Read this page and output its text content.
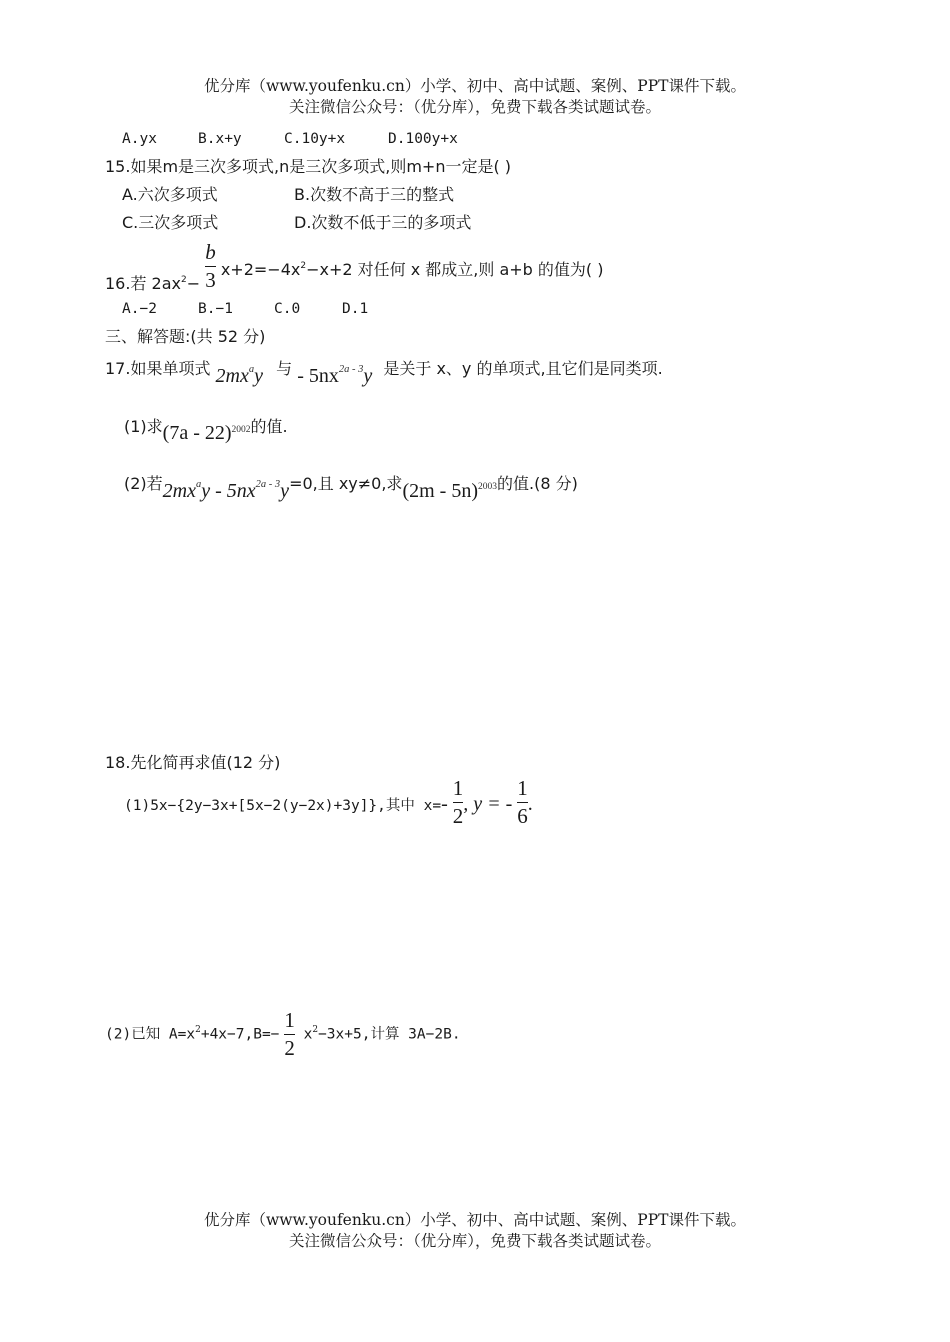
优分库（www.youfenku.cn）小学、初中、高中试题、案例、PPT课件下载。
关注微信公众号：（优分库），免费下载各类试题试卷。
A.yx	B.x+y	C.10y+x	D.100y+x
15.如果m是三次多项式,n是三次多项式,则m+n一定是( )
A.六次多项式	B.次数不高于三的整式
C.三次多项式	D.次数不低于三的多项式
16.若 $2ax_2- \frac{b}{3} x+2=-4x2-x+2$ 对任何 x 都成立,则 a+b 的值为( )
A.−2	B.−1	C.0	D.1
三、解答题:(共 52 分)
17.如果单项式 2mxay 与 - 5nx2a - 3y 是关于 x、y 的单项式,且它们是同类项.
(1)求(7a - 22)2002的值.
(2)若2mxay - 5nx2a - 3y=0,且 xy≠0,求(2m - 5n)2003的值.(8 分)
18.先化简再求值(12 分)
(1)5x−{2y−3x+[5x−2(y−2x)+3y]},其中 $x=- \frac{1}{2}$ , y = - $\frac{1}{6}$ .
(2)已知 $A=x^2+4x-7,B=- \frac{1}{2} x^2-3x+5$,计算 3A−2B.
优分库（www.youfenku.cn）小学、初中、高中试题、案例、PPT课件下载。
关注微信公众号：（优分库），免费下载各类试题试卷。
